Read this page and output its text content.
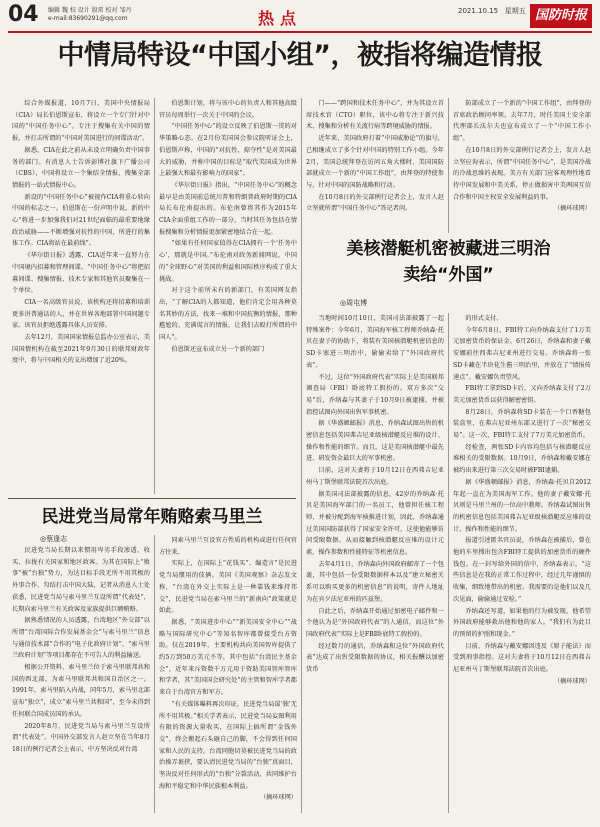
04 编辑 魏 校 设计 殷雷 校对 邹丹
e-mail:83690291@qq.com	热点	2021.10.15 星期五 国防时报
中情局特设“中国小组”，被指将编造情报

综合外媒报道，10月7日，美国中央情报局（CIA）局长伯恩斯宣布，将设立一个专门针对中国的“中国任务中心”。专注于搜集有关中国的情报，并打击所谓的“中国对美国进行的间谍活动”。

据悉，CIA在此之前从未设立明确负责中国事务的部门。有消息人士告诉彭博社旗下广播公司（CBS），中国将设立一个集结全情报、搜集全部情报的一站式情报中心。

新设的“中国任务中心”被视作CIA将重心转向中国的标志之一。伯恩斯在一份声明中说，新的中心“将进一步加强我们对21世纪面临的最重要地缘政治威胁——不断增强对抗性的中国，所进行的集体工作。CIA将站在最前线”。

《华尔街日报》透露，CIA近年来一直努力在中国境内招募和管理间谍。“中国任务中心”将把招募间谍、搜集情报、技术专家和其他官员聚集在一个单位。

CIA一名高级官员说，该机构还将招募和培训更多讲普通话的人，并在世界各地部署中国问题专家。该官员拒绝透露具体人员安排。

去年12月，美国国家情报总监办公室表示，美国国情机构在截至2021年9月30日的联邦财政年度中，将与中国相关的支出增加了近20%。

伯恩斯计划，将与该中心的负责人和其他高级官员每周举行一次关于中国的会议。

“中国任务中心”的设立反映了伯恩斯一贯的对华策略心态。在2月份美国国会参议院听证会上，伯恩斯声称，中国的“对抗性、掠夺性”是对美国最大的威胁，并称中国的目标是“取代美国成为世界上最强大和最有影响力的国家”。

《华尔街日报》指出，“中国任务中心”的概念最早是由美国前总统川普和特朗普政府时期的CIA局长布伦南提出的。布伦南曾将其作为2015年CIA全面重组工作的一部分，当时其任务包括在情报搜集和分析情报更加紧密地结合在一起。

“如果有任何国家值得在CIA拥有一个‘任务中心’，那就是中国。”布伦南对政务新闻网说，中国的“全球野心”对美国的利益和国际秩序构成了重大挑战。

对于这个前所未有的新部门，有美国网友指出，“了解CIA的人都知道，他们肯定会用各种莫名其妙的方法，找来一堆和中国抗衡的情报，那种尴尬的、充满谎言的情报，让我们去殴打所谓的中国人”。

伯恩斯还宣布成立另一个新的部门

门——“跨国和技术任务中心”，并为其设立首席技术官（CTO）职位，该中心将专注于新兴技术、搜集和分析有关流行病等跨境威胁的情报。

近年来，美国政府打着“中国威胁论”的旗号，已相继成立了多个针对中国的特别工作小组。今年2月，美国总统拜登在访问五角大楼时，美国国防部就成立一个新的“中国工作组”，由拜登的特使参与，针对中国的国防战略和行动。

在10月8日的外交部例行记者会上，发言人赵立坚就所谓“中国任务中心”答记者问。

防部成立了一个新的“中国工作组”，由拜登的首席政治顾问率领。去年7月，时任美国土安全部代理部长沃尔夫也宣布成立了一个“中国工作小组”。

在10月8日的外交部例行记者会上，发言人赵立坚应询表示，所谓“中国任务中心”，是美国冷战的冷战思维的表现。美方有关部门应客观理性地看待中国发展和中美关系，停止做损害中美两国互信合作和中国主权安全发展利益的事。

（摘环球网）

民进党当局常年贿赂索马里兰
◎蔡逢志

民进党当局长期以来惯用卑劣手段渗透、收买、拉拢有关国家和地区政客。为其在国际上“败事”被“台独”势力，为达目标手段无所不用其极的外事合作、勾结打击中国大陆，记者从消息人士处获悉，民进党当局与索马里兰互设所谓“代表处”，长期向索马里兰有关政客及家族提供巨额贿赂。

据熟悉情况的人员透露，台湾地区“外交部”以所谓“台湾国际合作发展基金会”与索马里兰“信息与通信技术部”合作的“电子化政府计划”、“索马里兰政府计划”等项目都存在不可告人的利益输送。

根据公开资料，索马里兰位于索马里联邦共和国的西北部，为索马里联邦共和国自治区之一。1991年，索马里陷入内战，同年5月，索马里北部宣布“独立”，成立“索马里兰共和国”，至今未得到任何联合国成员国的承认。

2020年8月，民进党当局与索马里兰互设所谓“代表处”。中国外交部发言人赵立坚在当年8月18日的例行记者会上表示，中方坚决反对台湾

同索马里兰互设官方性质的机构或进行任何官方往来。

实际上，在国际上“花钱买”、编造言”是民进党当局惯用的伎俩。美国《美国观察》杂志发文称，“台湾在外交上实际上是一种靠钱来维持邦交”，民进党当局在索马里兰的“新南向”政策就是如此。

据悉，“美国进步中心”“新美国安全中心”“战略与国际研究中心”等知名智库都曾接受台方资助。仅在2019年，主要机构共向美国智库提供了约5万到50万美元不等，其中包括“台湾民主基金会”，近年来斥资数千万元用于资助美国智库智库和学者，其“美国国会研究处”的主管和智库学者都来自于台湾官方和军方。

“有关媒体曝料再次印证，民进党当局谋‘独’无所不用其极。”相关学者表示，民进党当局妄图利用有限的资源大量收买，在国际上搞所谓“金钱外交”，终会搬起石头砸自己的脚，不会得到任何国家和人民的支持。台湾同胞切莫被民进党当局的政治操弄裹挟，要认清民进党当局的“台独”真面目，坚决反对任何形式的“台独”分裂活动，共同维护台海和平稳定和中华民族根本利益。

（摘环球网）

美核潜艇机密被藏进三明治
卖给“外国”
◎周屯博

当地时间10月10日，美国司法部披露了一起特殊案件：今年6月，美国海军核工程师乔纳森·托贝在妻子的协助下，将装有美国核潜艇机密信息的SD卡塞进三明治中，偷偷卖给了“外国政府代表”。

不过，这位“外国政府代表”实际上是美国联邦调查局（FBI）卧底特工假扮的。双方多次“交易”后，乔纳森与其妻子于10月9日被逮捕，并被指控试图向外国出售军事机密。

据《华盛顿邮报》消息，乔纳森试图出售的机密信息包括美国弗吉尼亚级核潜艇反应堆的设计、操作和性能的细节。而且，这是美国核潜艇中最先进、研发资金最巨大的军事机密。

目前，这对夫妻将于10月12日在西弗吉尼亚州马丁斯堡联邦法院首次出庭。

据美国司法部披露的信息，42岁的乔纳森·托贝是美国海军部门的一名员工，他曾担任核工程师，并被分配到海军核推进计划，因此，乔纳森通过美国国防部获得了国家安全许可，这使他能够访问受限数据。从而接触到核潜艇反应堆的设计元素，操作参数和性能特征等机密信息。

去年4月1日，乔纳森向外国政府邮寄了一个包裹，其中包括一份受限数据样本以及“建立秘密关系可以购买更多的机密信息”的说明，寄件人地址为在宾夕法尼亚州的匹兹堡。

自此之后，乔纳森开始通过加密电子邮件和一个他认为是“外国政府代表”的人通信，而这位“外国政府代表”实际上是FBI卧底特工假扮的。

经过数月的通信，乔纳森和这位“外国政府代表”达成了出售受限数据的协议，相关报酬以加密货币

的形式支付。

今年6月8日，FBI特工向乔纳森支付了1万美元加密货币的保证金。6月26日，乔纳森和妻子戴安娜前往西弗吉尼亚州进行交易。乔纳森将一张SD卡藏在半块花生酱三明治里，并放在了“情报传递点”。戴安娜负责望风。

FBI特工拿到SD卡后，又向乔纳森支付了2万美元加密货币以获得解密密钥。

8月28日，乔纳森将SD卡装在一个口香糖包装盒里，在弗吉尼亚州东部又进行了一次“秘密交易”。这一次，FBI特工支付了7万美元加密货币。

经检查，两张SD卡内容均包括与核潜艇反应堆相关的受限数据。10月9日，乔纳森和戴安娜在被约出来进行第三次交易时被FBI逮捕。

据《华盛顿邮报》消息，乔纳森·托贝自2012年起一直在为美国海军工作。他的妻子戴安娜·托贝则是马里兰州的一位高中教师。乔纳森试图出售的机密信息包括美国弗吉尼亚级核潜艇反应堆的设计、操作和性能的细节。

报道引述匿名官员说，乔纳森在被捕后，曾在他的车里搜出包含FBI特工提供的加密货币的硬件钱包。在一封写给外国的信中，乔纳森表示，“这些信息是在我的正常工作过程中，经过几年谨慎的收集，细致地带出的机密。我需要的是他们以及几次见面，偷偷通过安检。”

乔纳森还写道，如果他的行为被发现，他希望外国政府能够救出他和他的家人。“我们有为此目的预留的护照和现金。”

目前，乔纳森与戴安娜因违反《原子能法》而受到刑事指控。这对夫妻将于10月12日在西弗吉尼亚州马丁斯堡联邦法院首次出庭。

（摘环球网）
